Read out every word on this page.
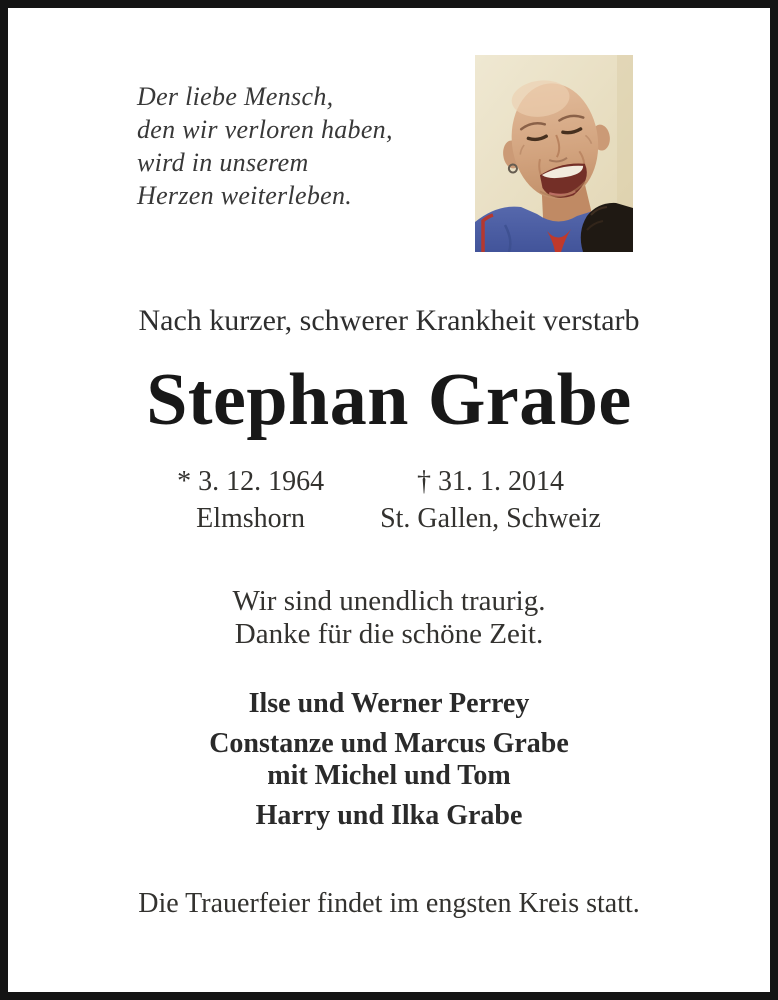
Der liebe Mensch,
den wir verloren haben,
wird in unserem
Herzen weiterleben.
Nach kurzer, schwerer Krankheit verstarb
Stephan Grabe
* 3. 12. 1964
Elmshorn
† 31. 1. 2014
St. Gallen, Schweiz
Wir sind unendlich traurig.
Danke für die schöne Zeit.
Ilse und Werner Perrey
Constanze und Marcus Grabe
mit Michel und Tom
Harry und Ilka Grabe
Die Trauerfeier findet im engsten Kreis statt.
